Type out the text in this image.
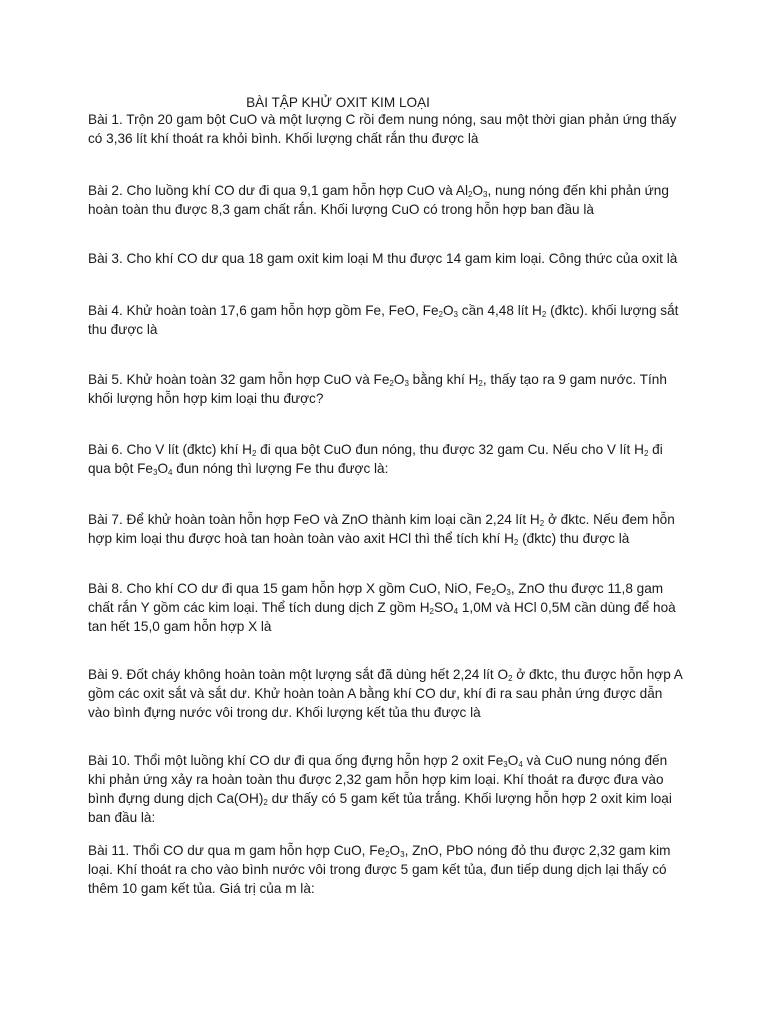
BÀI TẬP KHỬ OXIT KIM LOẠI

Bài 1. Trộn 20 gam bột CuO và một lượng C rồi đem nung nóng, sau một thời gian phản ứng thấy có 3,36 lít khí thoát ra khỏi bình. Khối lượng chất rắn thu được là

Bài 2. Cho luồng khí CO dư đi qua 9,1 gam hỗn hợp CuO và $Al_2O_3$, nung nóng đến khi phản ứng hoàn toàn thu được 8,3 gam chất rắn. Khối lượng CuO có trong hỗn hợp ban đầu là

Bài 3. Cho khí CO dư qua 18 gam oxit kim loại M thu được 14 gam kim loại. Công thức của oxit là

Bài 4. Khử hoàn toàn 17,6 gam hỗn hợp gồm Fe, FeO, $Fe_2O_3$ cần 4,48 lít $H_2$ (đktc). khối lượng sắt thu được là

Bài 5. Khử hoàn toàn 32 gam hỗn hợp CuO và $Fe_2O_3$ bằng khí $H_2$, thấy tạo ra 9 gam nước. Tính khối lượng hỗn hợp kim loại thu được?

Bài 6. Cho V lít (đktc) khí $H_2$ đi qua bột CuO đun nóng, thu được 32 gam Cu. Nếu cho V lít $H_2$ đi qua bột $Fe_3O_4$ đun nóng thì lượng Fe thu được là:

Bài 7. Để khử hoàn toàn hỗn hợp FeO và ZnO thành kim loại cần 2,24 lít $H_2$ ở đktc. Nếu đem hỗn hợp kim loại thu được hoà tan hoàn toàn vào axit HCl thì thể tích khí $H_2$ (đktc) thu được là

Bài 8. Cho khí CO dư đi qua 15 gam hỗn hợp X gồm CuO, NiO, $Fe_2O_3$, ZnO thu được 11,8 gam chất rắn Y gồm các kim loại. Thể tích dung dịch Z gồm $H_2SO_4$ 1,0M và HCl 0,5M cần dùng để hoà tan hết 15,0 gam hỗn hợp X là

Bài 9. Đốt cháy không hoàn toàn một lượng sắt đã dùng hết 2,24 lít $O_2$ ở đktc, thu được hỗn hợp A gồm các oxit sắt và sắt dư. Khử hoàn toàn A bằng khí CO dư, khí đi ra sau phản ứng được dẫn vào bình đựng nước vôi trong dư. Khối lượng kết tủa thu được là

Bài 10. Thổi một luồng khí CO dư đi qua ống đựng hỗn hợp 2 oxit $Fe_3O_4$ và CuO nung nóng đến khi phản ứng xảy ra hoàn toàn thu được 2,32 gam hỗn hợp kim loại. Khí thoát ra được đưa vào bình đựng dung dịch $Ca(OH)_2$ dư thấy có 5 gam kết tủa trắng. Khối lượng hỗn hợp 2 oxit kim loại ban đầu là:

Bài 11. Thổi CO dư qua m gam hỗn hợp CuO, $Fe_2O_3$, ZnO, PbO nóng đỏ thu được 2,32 gam kim loại. Khí thoát ra cho vào bình nước vôi trong được 5 gam kết tủa, đun tiếp dung dịch lại thấy có thêm 10 gam kết tủa. Giá trị của m là:
